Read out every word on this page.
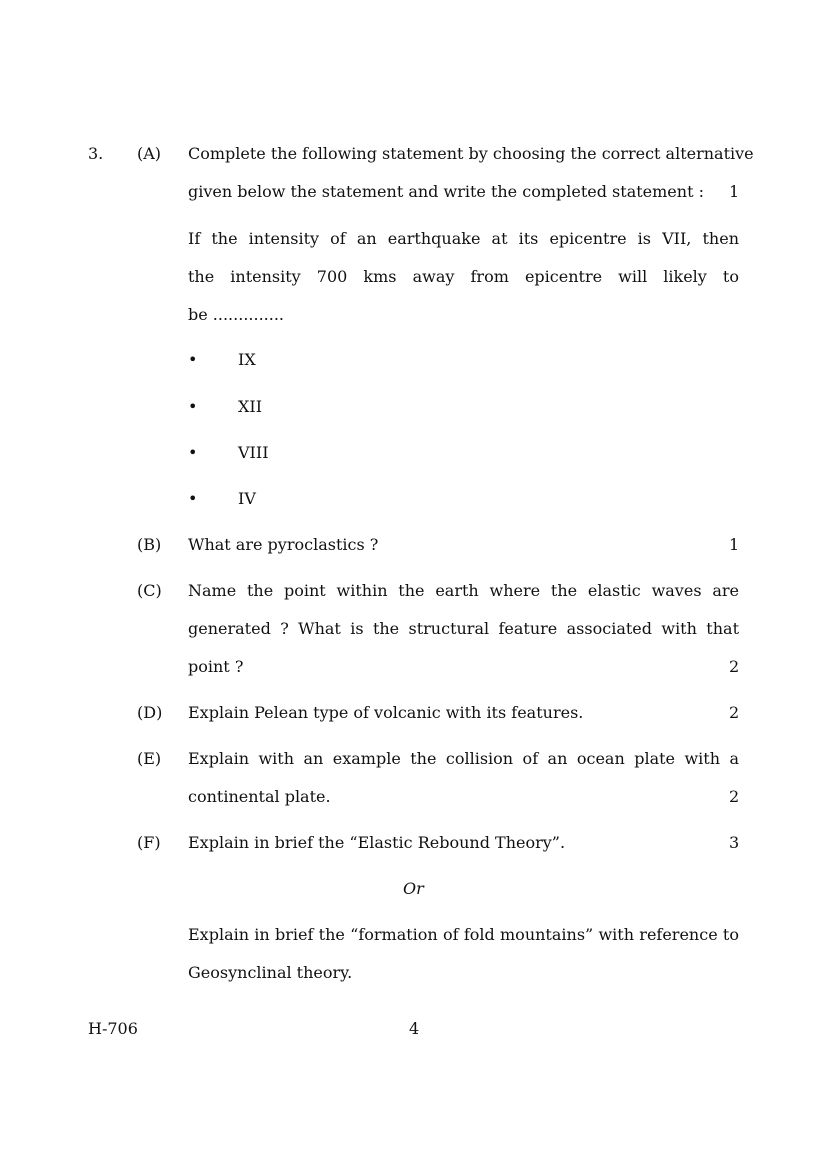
3. (A) Complete the following statement by choosing the correct alternative
given below the statement and write the completed statement : 1
If the intensity of an earthquake at its epicentre is VII, then
the intensity 700 kms away from epicentre will likely to
be ..............
•	IX
•	XII
•	VIII
•	IV
(B) What are pyroclastics ?	1
(C) Name the point within the earth where the elastic waves are
generated ? What is the structural feature associated with that
point ?	2
(D) Explain Pelean type of volcanic with its features.	2
(E) Explain with an example the collision of an ocean plate with a
continental plate.	2
(F) Explain in brief the “Elastic Rebound Theory”.	3
Or
Explain in brief the “formation of fold mountains” with reference to
Geosynclinal theory.
H-706	4
